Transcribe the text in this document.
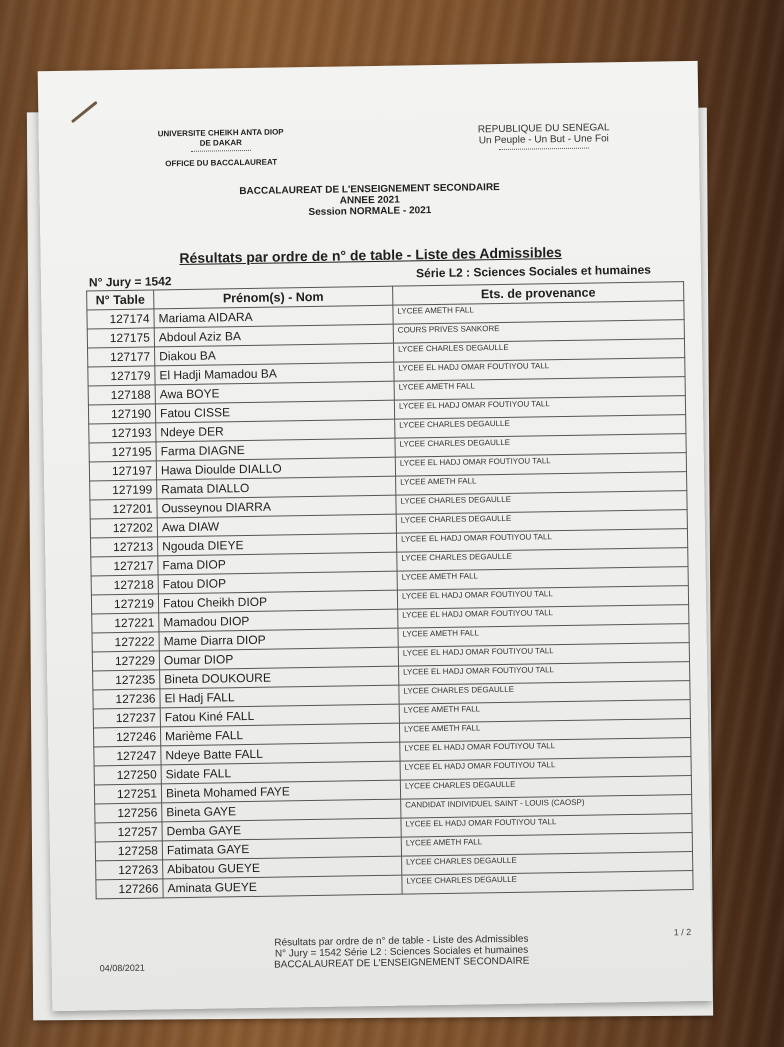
UNIVERSITE CHEIKH ANTA DIOP
DE DAKAR
OFFICE DU BACCALAUREAT
REPUBLIQUE DU SENEGAL
Un Peuple - Un But - Une Foi
BACCALAUREAT DE L'ENSEIGNEMENT SECONDAIRE
ANNEE 2021
Session NORMALE - 2021
Résultats par ordre de n° de table - Liste des Admissibles
N° Jury = 1542
Série L2 : Sciences Sociales et humaines
N° Table	Prénom(s) - Nom	Ets. de provenance
127174	Mariama AIDARA	LYCEE AMETH FALL
127175	Abdoul Aziz BA	COURS PRIVES SANKORE
127177	Diakou BA	LYCEE CHARLES DEGAULLE
127179	El Hadji Mamadou BA	LYCEE EL HADJ OMAR FOUTIYOU TALL
127188	Awa BOYE	LYCEE AMETH FALL
127190	Fatou CISSE	LYCEE EL HADJ OMAR FOUTIYOU TALL
127193	Ndeye DER	LYCEE CHARLES DEGAULLE
127195	Farma DIAGNE	LYCEE CHARLES DEGAULLE
127197	Hawa Dioulde DIALLO	LYCEE EL HADJ OMAR FOUTIYOU TALL
127199	Ramata DIALLO	LYCEE AMETH FALL
127201	Ousseynou DIARRA	LYCEE CHARLES DEGAULLE
127202	Awa DIAW	LYCEE CHARLES DEGAULLE
127213	Ngouda DIEYE	LYCEE EL HADJ OMAR FOUTIYOU TALL
127217	Fama DIOP	LYCEE CHARLES DEGAULLE
127218	Fatou DIOP	LYCEE AMETH FALL
127219	Fatou Cheikh DIOP	LYCEE EL HADJ OMAR FOUTIYOU TALL
127221	Mamadou DIOP	LYCEE EL HADJ OMAR FOUTIYOU TALL
127222	Mame Diarra DIOP	LYCEE AMETH FALL
127229	Oumar DIOP	LYCEE EL HADJ OMAR FOUTIYOU TALL
127235	Bineta DOUKOURE	LYCEE EL HADJ OMAR FOUTIYOU TALL
127236	El Hadj FALL	LYCEE CHARLES DEGAULLE
127237	Fatou Kiné FALL	LYCEE AMETH FALL
127246	Marième FALL	LYCEE AMETH FALL
127247	Ndeye Batte FALL	LYCEE EL HADJ OMAR FOUTIYOU TALL
127250	Sidate FALL	LYCEE EL HADJ OMAR FOUTIYOU TALL
127251	Bineta Mohamed FAYE	LYCEE CHARLES DEGAULLE
127256	Bineta GAYE	CANDIDAT INDIVIDUEL SAINT - LOUIS (CAOSP)
127257	Demba GAYE	LYCEE EL HADJ OMAR FOUTIYOU TALL
127258	Fatimata GAYE	LYCEE AMETH FALL
127263	Abibatou GUEYE	LYCEE CHARLES DEGAULLE
127266	Aminata GUEYE	LYCEE CHARLES DEGAULLE
04/08/2021
Résultats par ordre de n° de table - Liste des Admissibles
N° Jury = 1542 Série L2 : Sciences Sociales et humaines
BACCALAUREAT DE L'ENSEIGNEMENT SECONDAIRE
1 / 2
